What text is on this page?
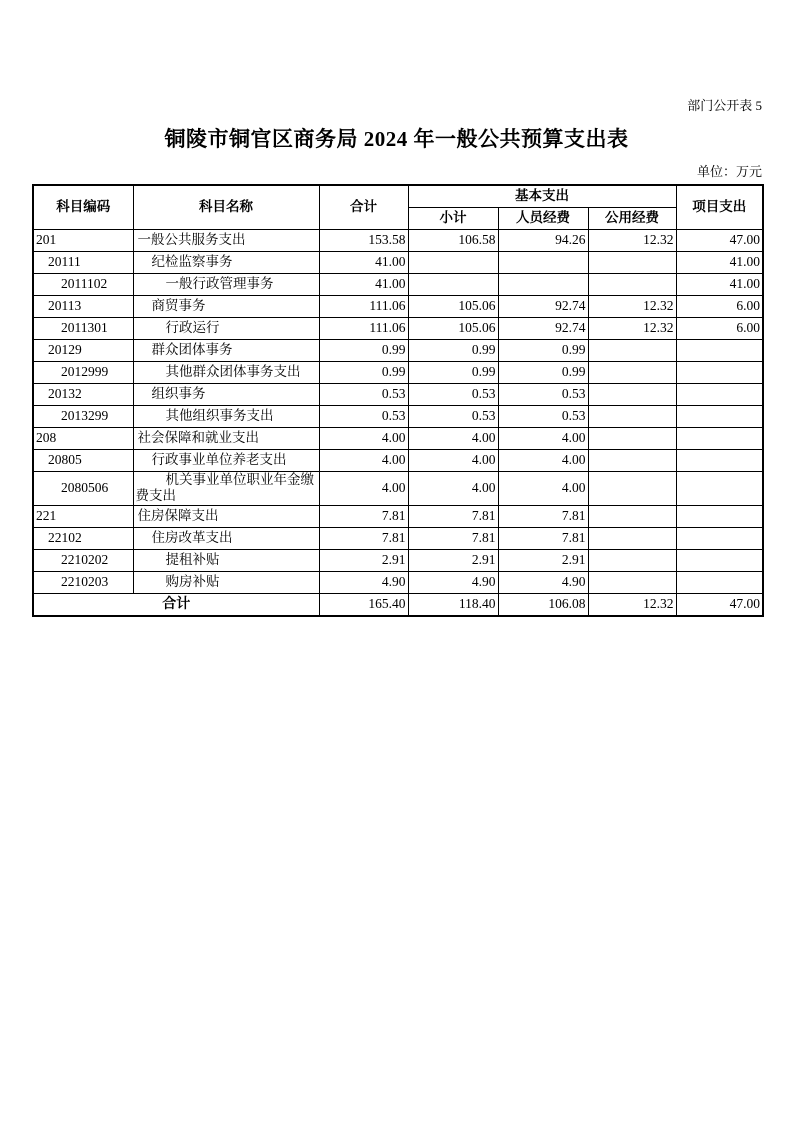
部门公开表 5
铜陵市铜官区商务局 2024 年一般公共预算支出表
单位：万元
科目编码	科目名称	合计	基本支出			项目支出
			小计	人员经费	公用经费	
201	一般公共服务支出	153.58	106.58	94.26	12.32	47.00
20111	纪检监察事务	41.00				41.00
2011102	一般行政管理事务	41.00				41.00
20113	商贸事务	111.06	105.06	92.74	12.32	6.00
2011301	行政运行	111.06	105.06	92.74	12.32	6.00
20129	群众团体事务	0.99	0.99	0.99		
2012999	其他群众团体事务支出	0.99	0.99	0.99		
20132	组织事务	0.53	0.53	0.53		
2013299	其他组织事务支出	0.53	0.53	0.53		
208	社会保障和就业支出	4.00	4.00	4.00		
20805	行政事业单位养老支出	4.00	4.00	4.00		
2080506	机关事业单位职业年金缴费支出	4.00	4.00	4.00		
221	住房保障支出	7.81	7.81	7.81		
22102	住房改革支出	7.81	7.81	7.81		
2210202	提租补贴	2.91	2.91	2.91		
2210203	购房补贴	4.90	4.90	4.90		
合计		165.40	118.40	106.08	12.32	47.00
